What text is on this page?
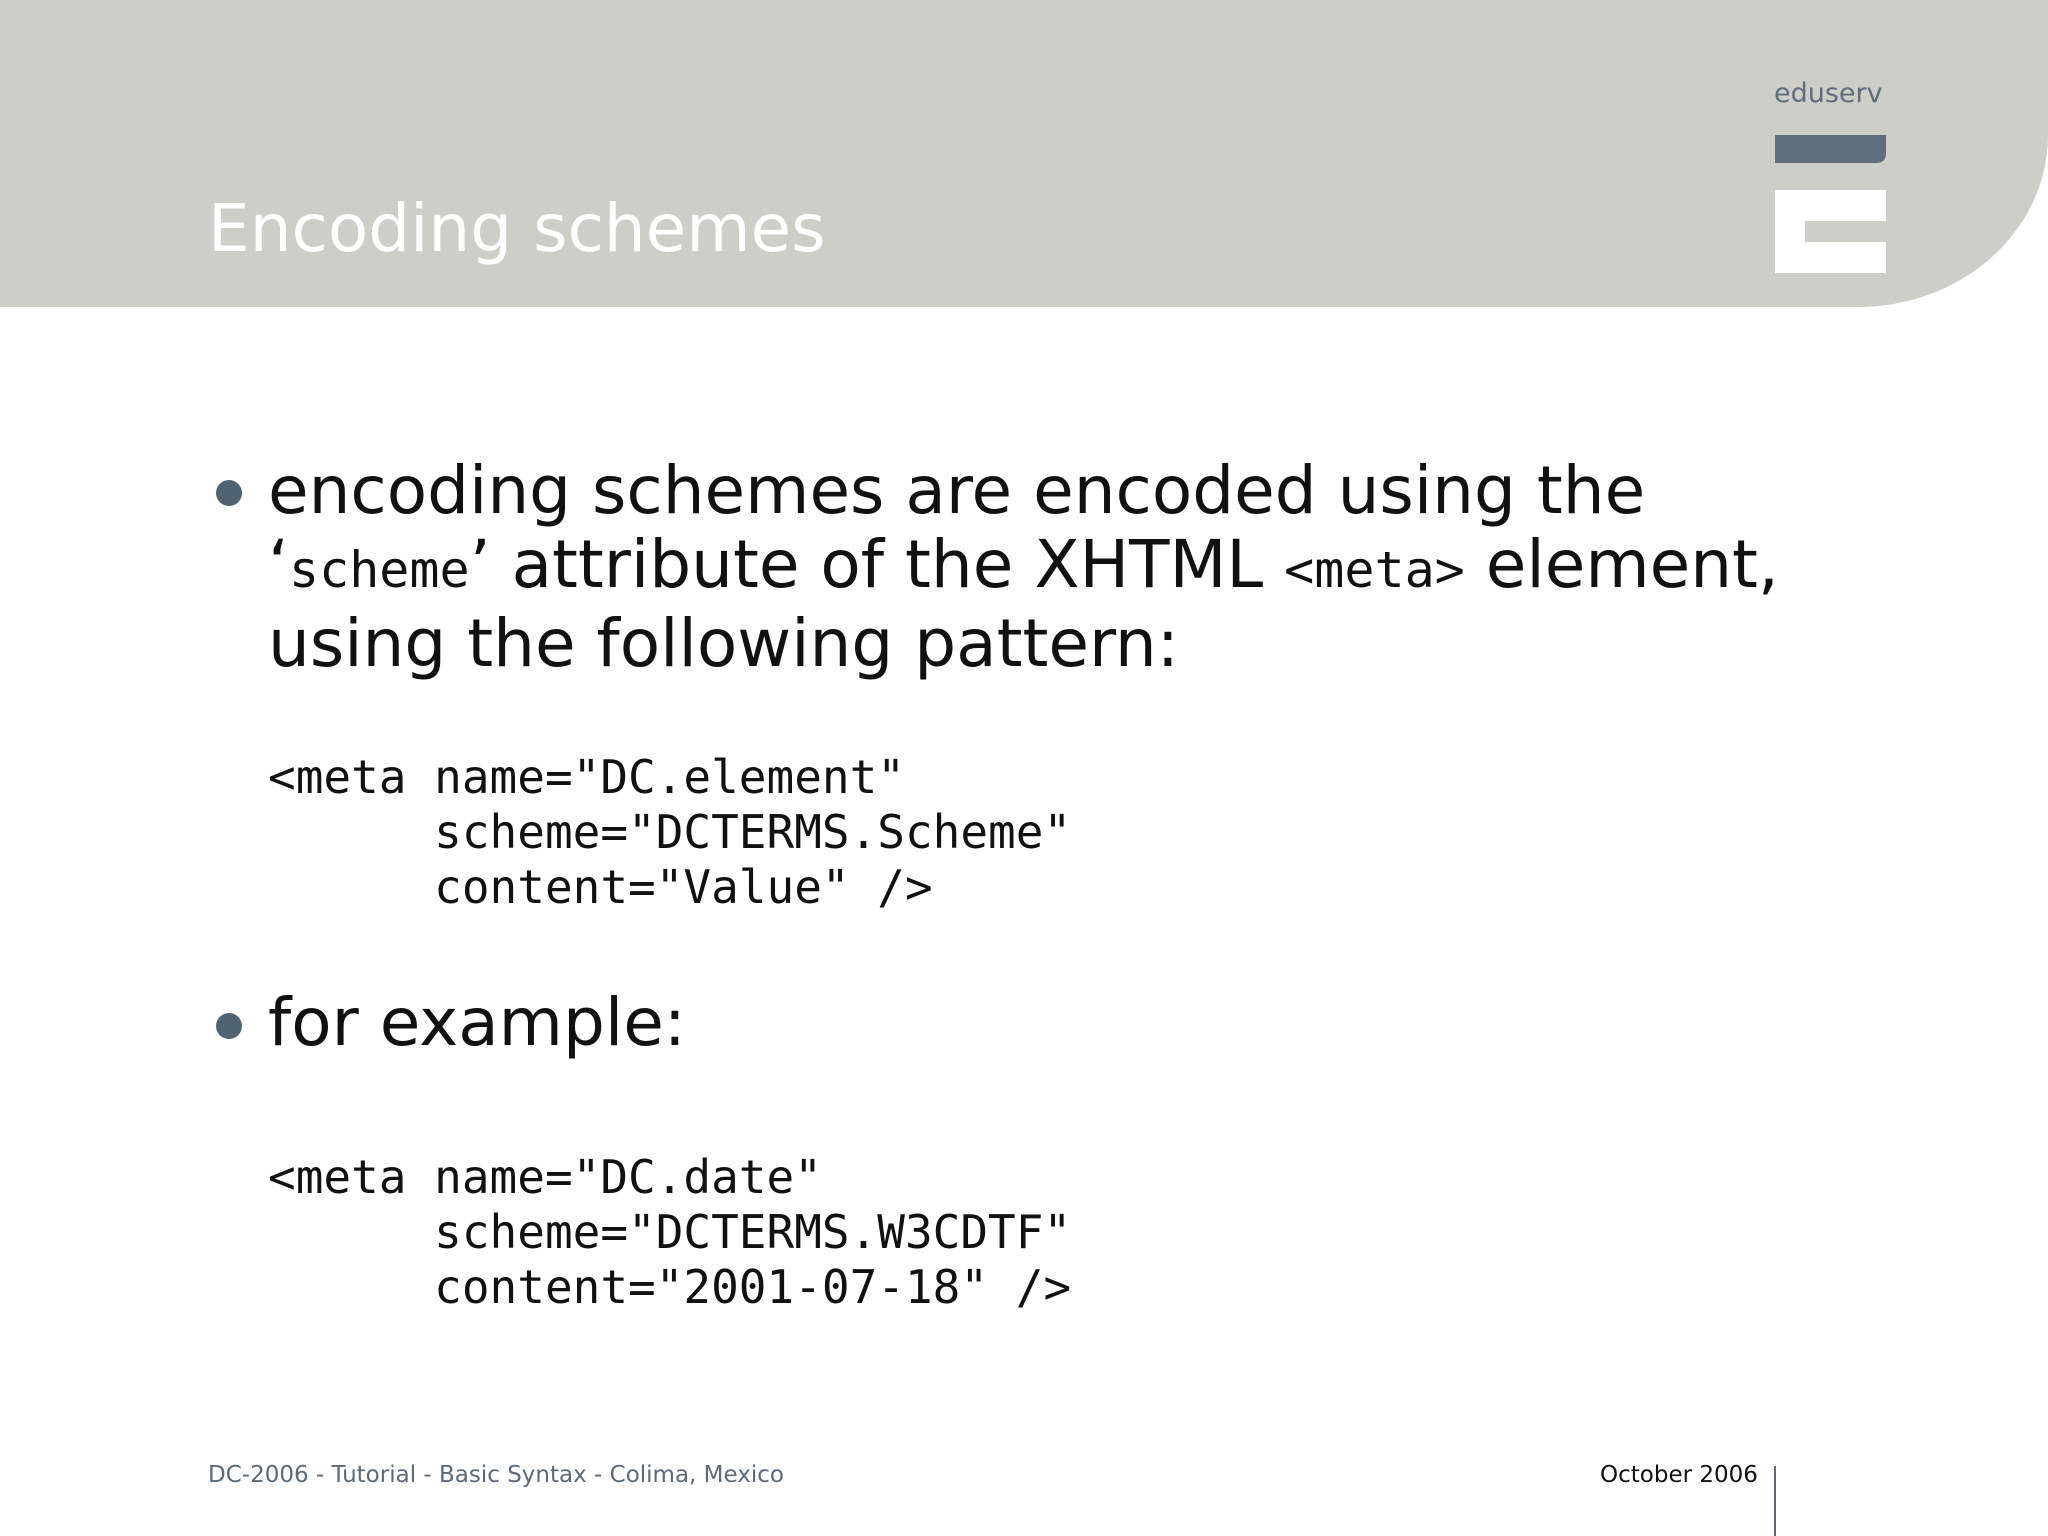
Encoding schemes
eduserv

encoding schemes are encoded using the
‘scheme’ attribute of the XHTML <meta> element,
using the following pattern:

<meta name="DC.element"
scheme="DCTERMS.Scheme"
content="Value" />

for example:

<meta name="DC.date"
scheme="DCTERMS.W3CDTF"
content="2001-07-18" />
DC-2006 - Tutorial - Basic Syntax - Colima, Mexico	October 2006
